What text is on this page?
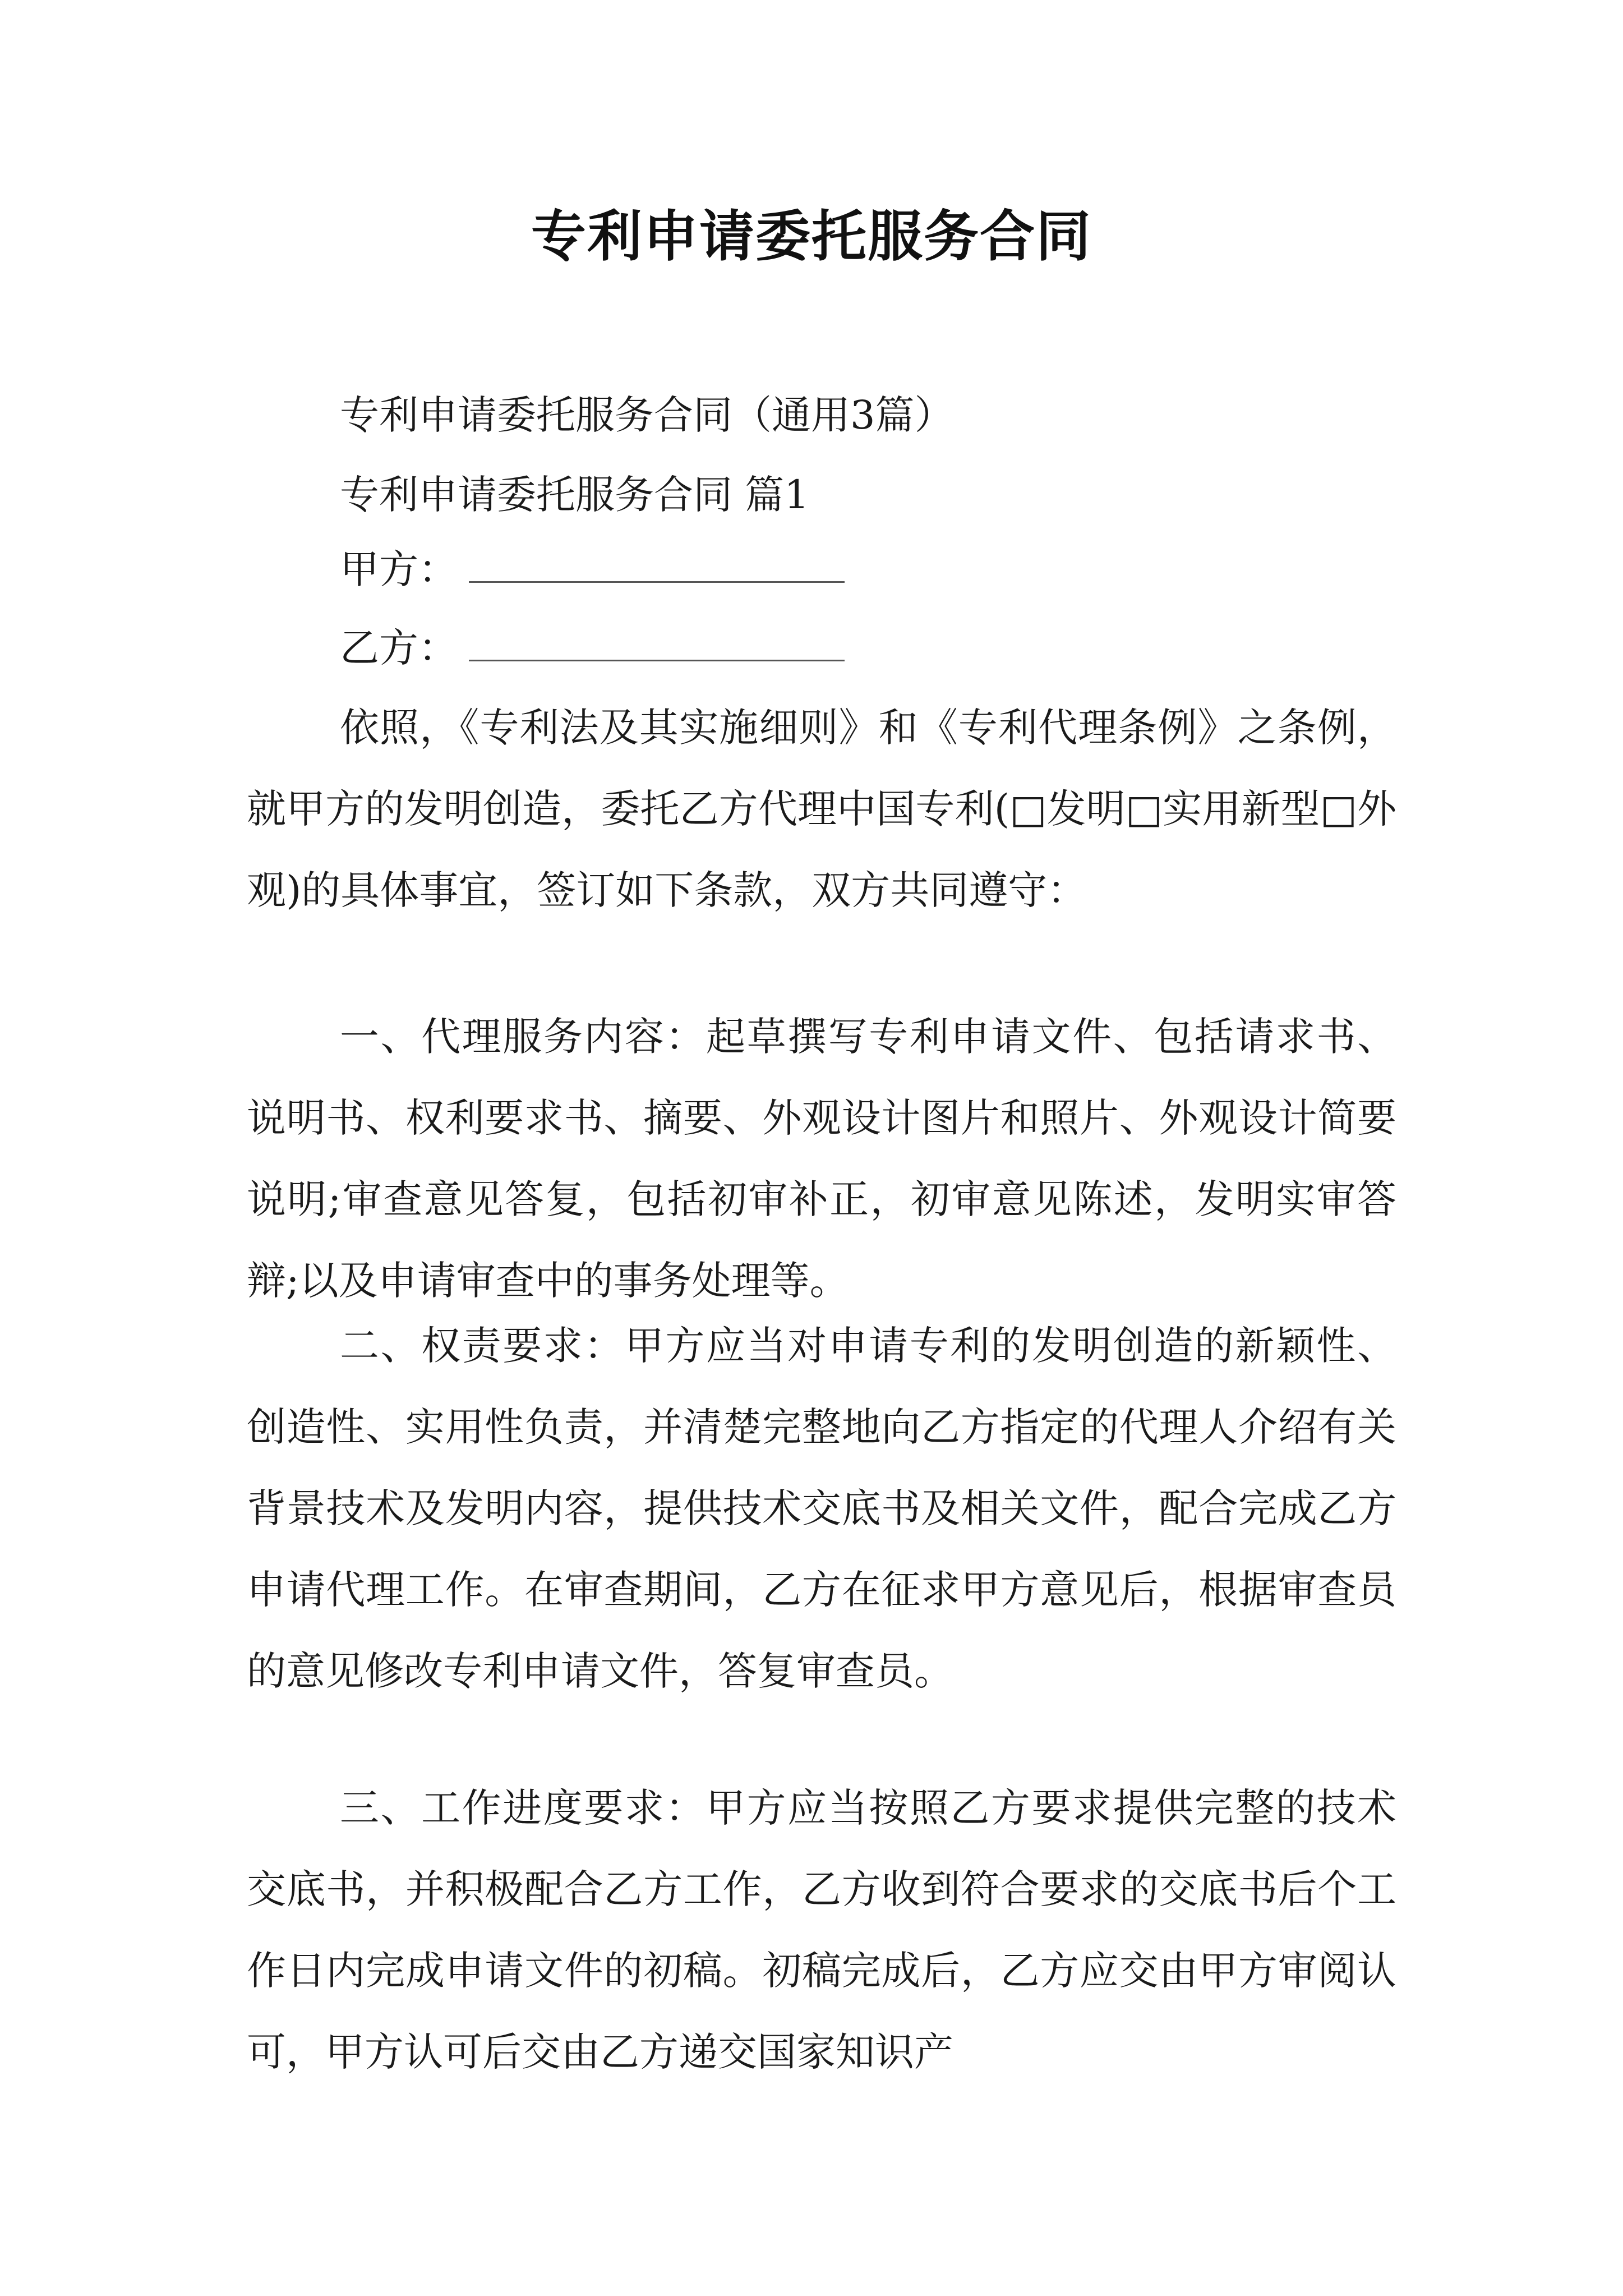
专利申请委托服务合同
专利申请委托服务合同（通用3篇）
专利申请委托服务合同 篇1
甲方：
乙方：

依照，《专利法及其实施细则》和《专利代理条例》之条例，就甲方的发明创造，委托乙方代理中国专利(□发明□实用新型□外观)的具体事宜，签订如下条款，双方共同遵守：

一、代理服务内容：起草撰写专利申请文件、包括请求书、说明书、权利要求书、摘要、外观设计图片和照片、外观设计简要说明;审查意见答复，包括初审补正，初审意见陈述，发明实审答辩;以及申请审查中的事务处理等。

二、权责要求：甲方应当对申请专利的发明创造的新颖性、创造性、实用性负责，并清楚完整地向乙方指定的代理人介绍有关背景技术及发明内容，提供技术交底书及相关文件，配合完成乙方申请代理工作。在审查期间，乙方在征求甲方意见后，根据审查员的意见修改专利申请文件，答复审查员。

三、工作进度要求：甲方应当按照乙方要求提供完整的技术交底书，并积极配合乙方工作，乙方收到符合要求的交底书后个工作日内完成申请文件的初稿。初稿完成后，乙方应交由甲方审阅认可，甲方认可后交由乙方递交国家知识产
